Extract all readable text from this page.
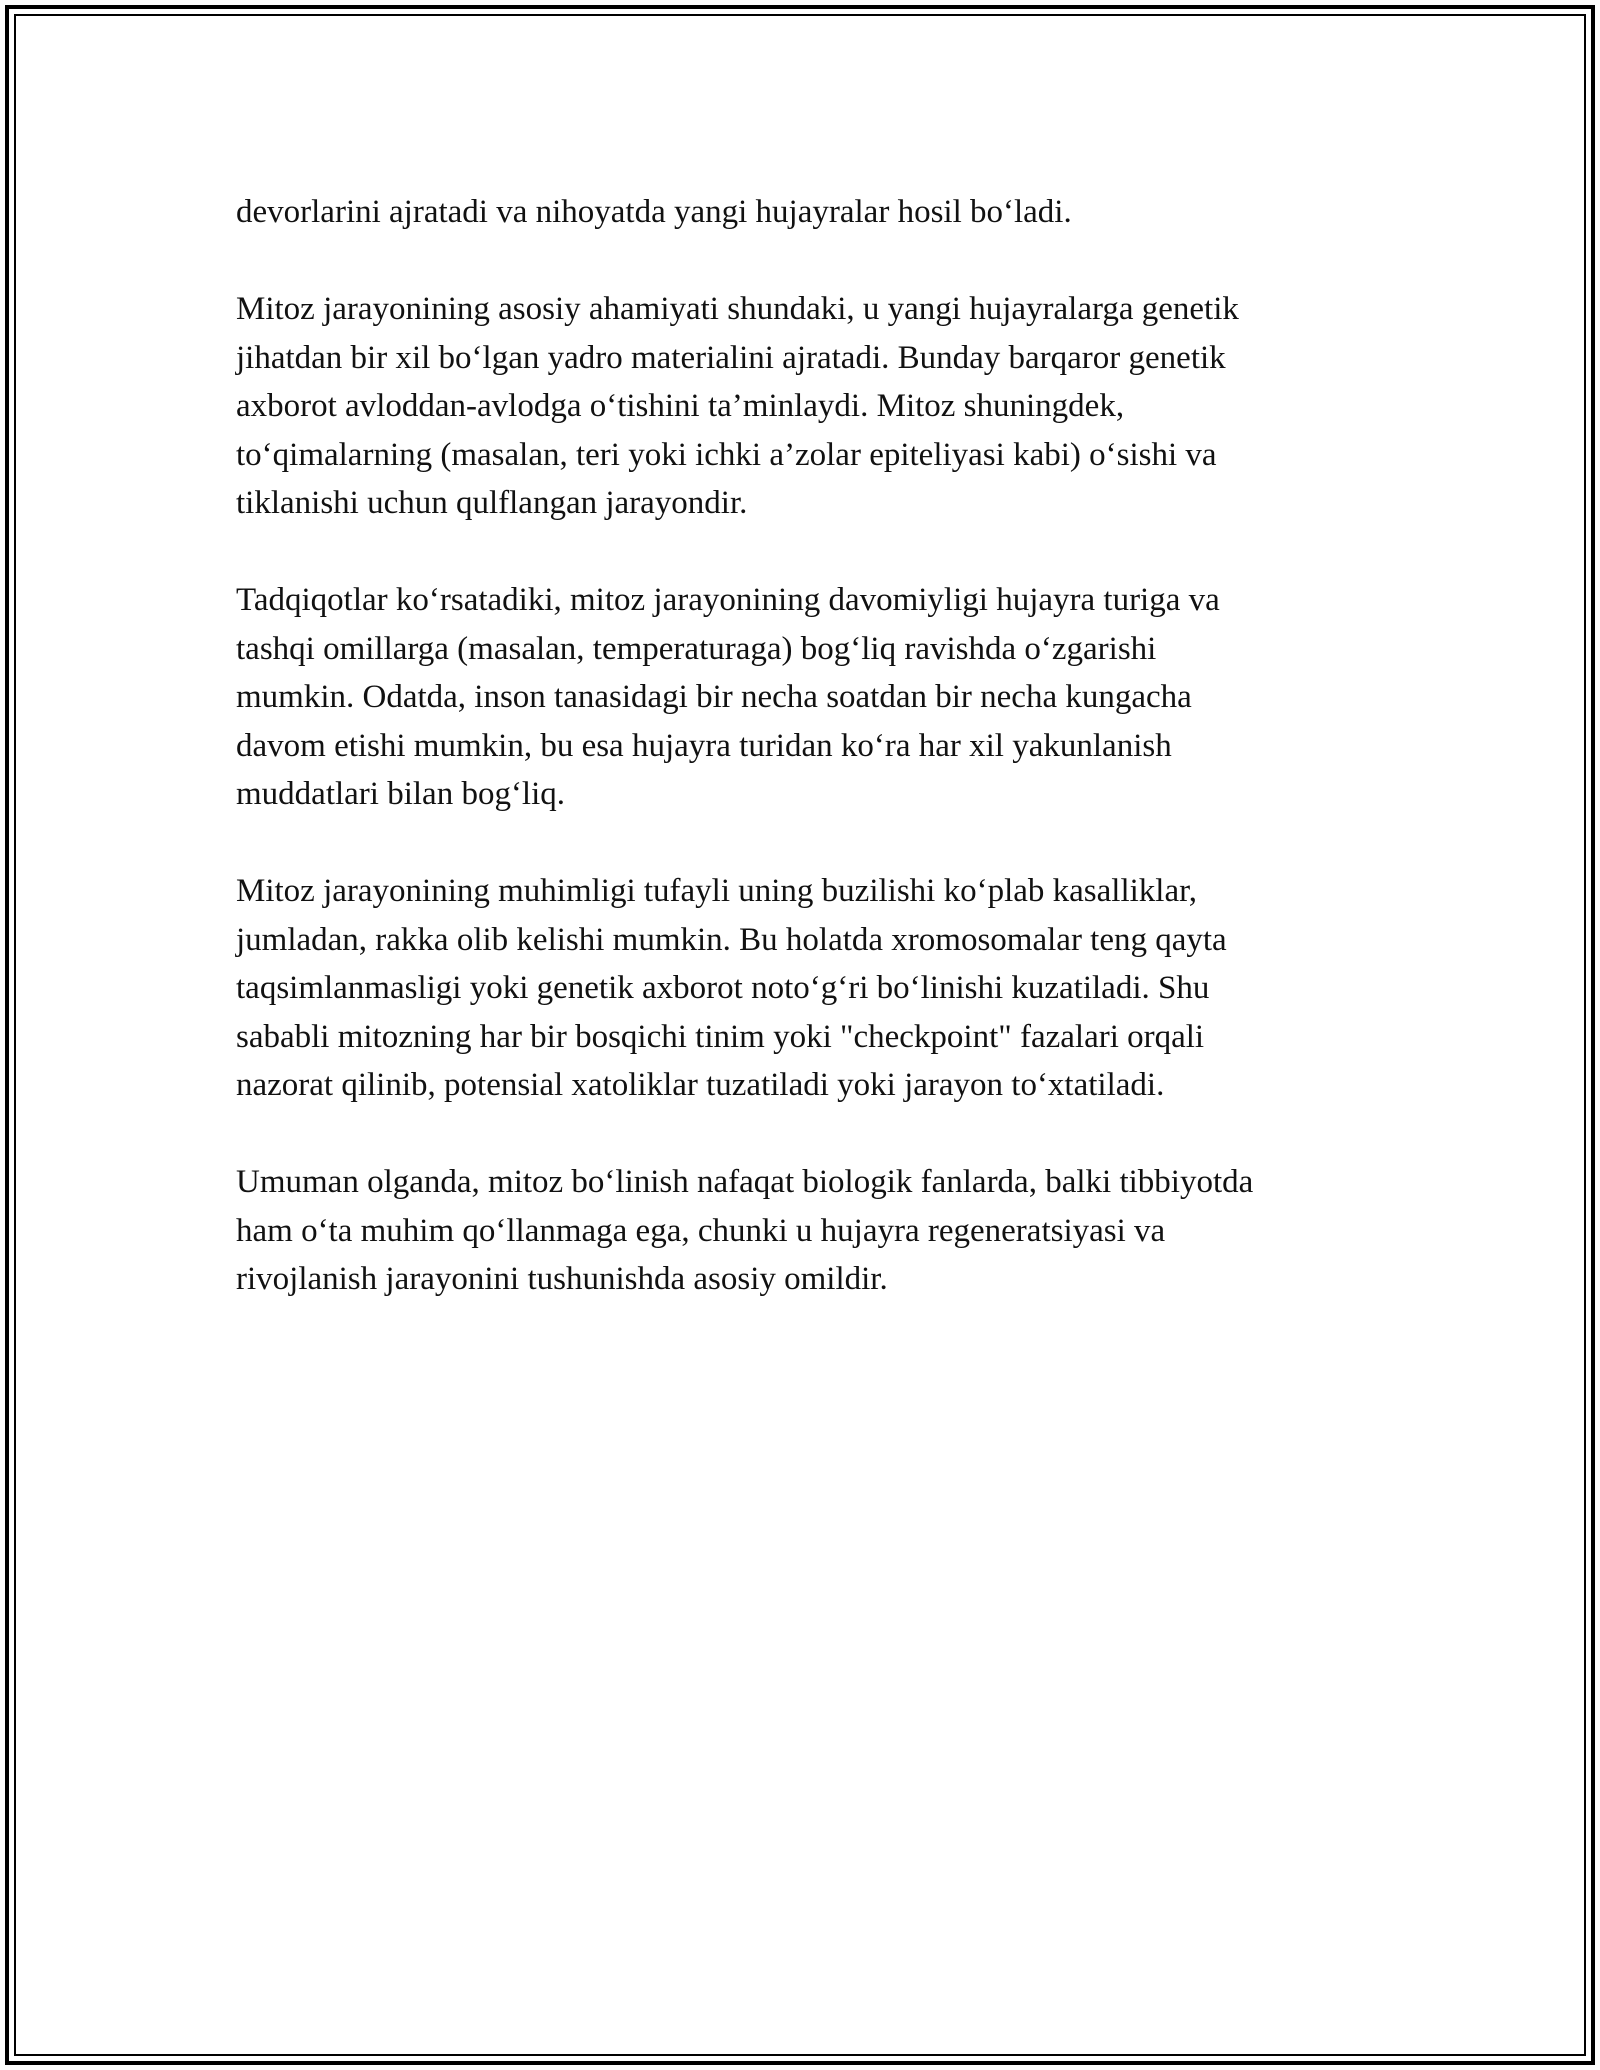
devorlarini ajratadi va nihoyatda yangi hujayralar hosil bo‘ladi.

Mitoz jarayonining asosiy ahamiyati shundaki, u yangi hujayralarga genetik
jihatdan bir xil bo‘lgan yadro materialini ajratadi. Bunday barqaror genetik
axborot avloddan-avlodga o‘tishini ta’minlaydi. Mitoz shuningdek,
to‘qimalarning (masalan, teri yoki ichki a’zolar epiteliyasi kabi) o‘sishi va
tiklanishi uchun qulflangan jarayondir.

Tadqiqotlar ko‘rsatadiki, mitoz jarayonining davomiyligi hujayra turiga va
tashqi omillarga (masalan, temperaturaga) bog‘liq ravishda o‘zgarishi
mumkin. Odatda, inson tanasidagi bir necha soatdan bir necha kungacha
davom etishi mumkin, bu esa hujayra turidan ko‘ra har xil yakunlanish
muddatlari bilan bog‘liq.

Mitoz jarayonining muhimligi tufayli uning buzilishi ko‘plab kasalliklar,
jumladan, rakka olib kelishi mumkin. Bu holatda xromosomalar teng qayta
taqsimlanmasligi yoki genetik axborot noto‘g‘ri bo‘linishi kuzatiladi. Shu
sababli mitozning har bir bosqichi tinim yoki "checkpoint" fazalari orqali
nazorat qilinib, potensial xatoliklar tuzatiladi yoki jarayon to‘xtatiladi.

Umuman olganda, mitoz bo‘linish nafaqat biologik fanlarda, balki tibbiyotda
ham o‘ta muhim qo‘llanmaga ega, chunki u hujayra regeneratsiyasi va
rivojlanish jarayonini tushunishda asosiy omildir.
